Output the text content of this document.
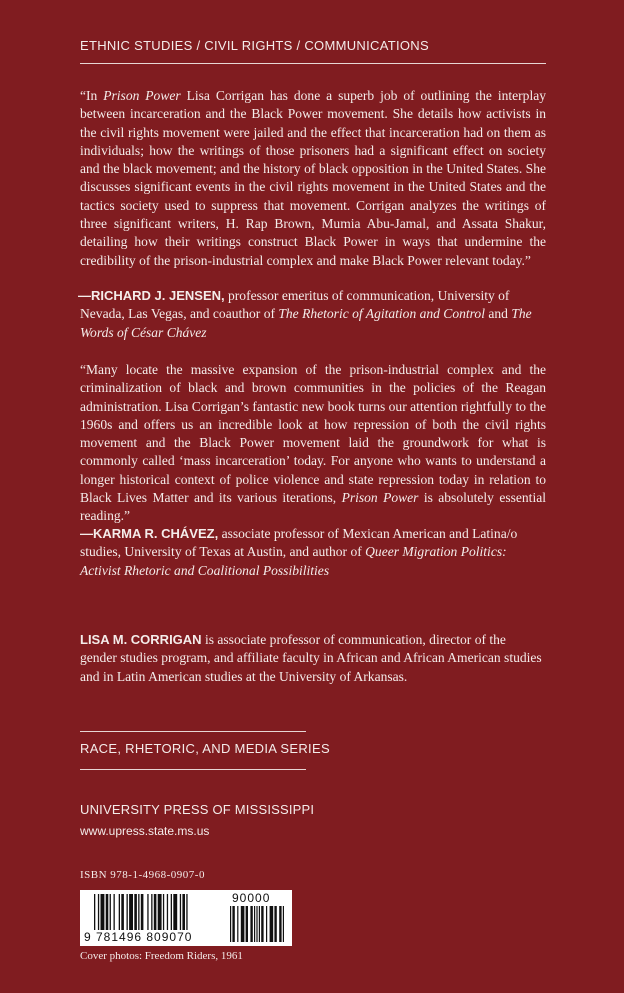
ETHNIC STUDIES / CIVIL RIGHTS / COMMUNICATIONS

“In Prison Power Lisa Corrigan has done a superb job of outlining the interplay between incarceration and the Black Power movement. She details how activists in the civil rights movement were jailed and the effect that incarceration had on them as individuals; how the writings of those prisoners had a significant effect on society and the black movement; and the history of black opposition in the United States. She discusses significant events in the civil rights movement in the United States and the tactics society used to suppress that movement. Corrigan analyzes the writings of three significant writers, H. Rap Brown, Mumia Abu-Jamal, and Assata Shakur, detailing how their writings construct Black Power in ways that undermine the credibility of the prison-industrial complex and make Black Power relevant today.”

—RICHARD J. JENSEN, professor emeritus of communication, University of Nevada, Las Vegas, and coauthor of The Rhetoric of Agitation and Control and The Words of César Chávez

“Many locate the massive expansion of the prison-industrial complex and the criminalization of black and brown communities in the policies of the Reagan administration. Lisa Corrigan’s fantastic new book turns our attention rightfully to the 1960s and offers us an incredible look at how repression of both the civil rights movement and the Black Power movement laid the groundwork for what is commonly called ‘mass incarceration’ today. For anyone who wants to understand a longer historical context of police violence and state repression today in relation to Black Lives Matter and its various iterations, Prison Power is absolutely essential reading.”

—KARMA R. CHÁVEZ, associate professor of Mexican American and Latina/o studies, University of Texas at Austin, and author of Queer Migration Politics: Activist Rhetoric and Coalitional Possibilities

LISA M. CORRIGAN is associate professor of communication, director of the gender studies program, and affiliate faculty in African and African American studies and in Latin American studies at the University of Arkansas.

RACE, RHETORIC, AND MEDIA SERIES
UNIVERSITY PRESS OF MISSISSIPPI
www.upress.state.ms.us
ISBN 978-1-4968-0907-0
9 781496 809070
90000
Cover photos: Freedom Riders, 1961
